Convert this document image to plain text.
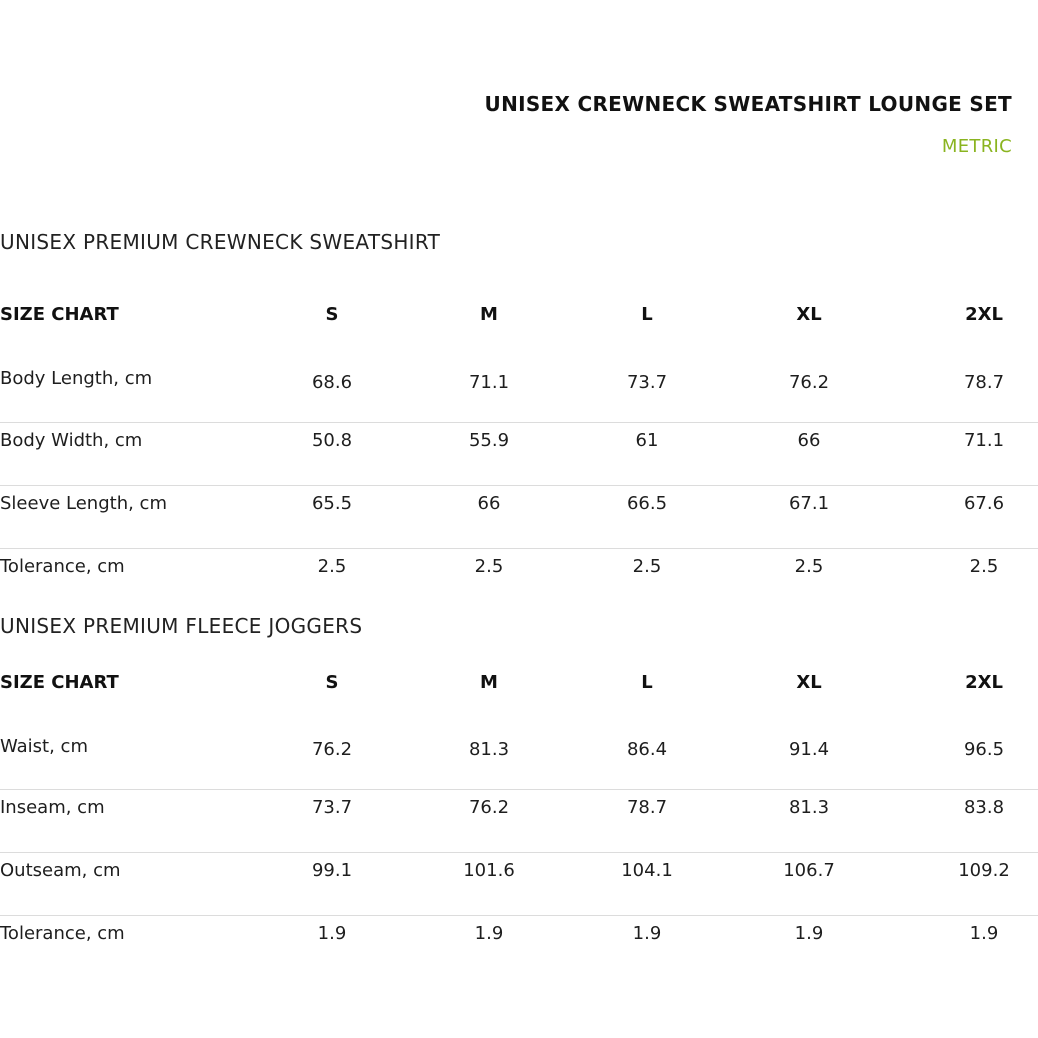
UNISEX CREWNECK SWEATSHIRT LOUNGE SET
METRIC
UNISEX PREMIUM CREWNECK SWEATSHIRT
SIZE CHART	S	M	L	XL	2XL
Body Length, cm	68.6	71.1	73.7	76.2	78.7
Body Width, cm	50.8	55.9	61	66	71.1
Sleeve Length, cm	65.5	66	66.5	67.1	67.6
Tolerance, cm	2.5	2.5	2.5	2.5	2.5
UNISEX PREMIUM FLEECE JOGGERS
SIZE CHART	S	M	L	XL	2XL
Waist, cm	76.2	81.3	86.4	91.4	96.5
Inseam, cm	73.7	76.2	78.7	81.3	83.8
Outseam, cm	99.1	101.6	104.1	106.7	109.2
Tolerance, cm	1.9	1.9	1.9	1.9	1.9
